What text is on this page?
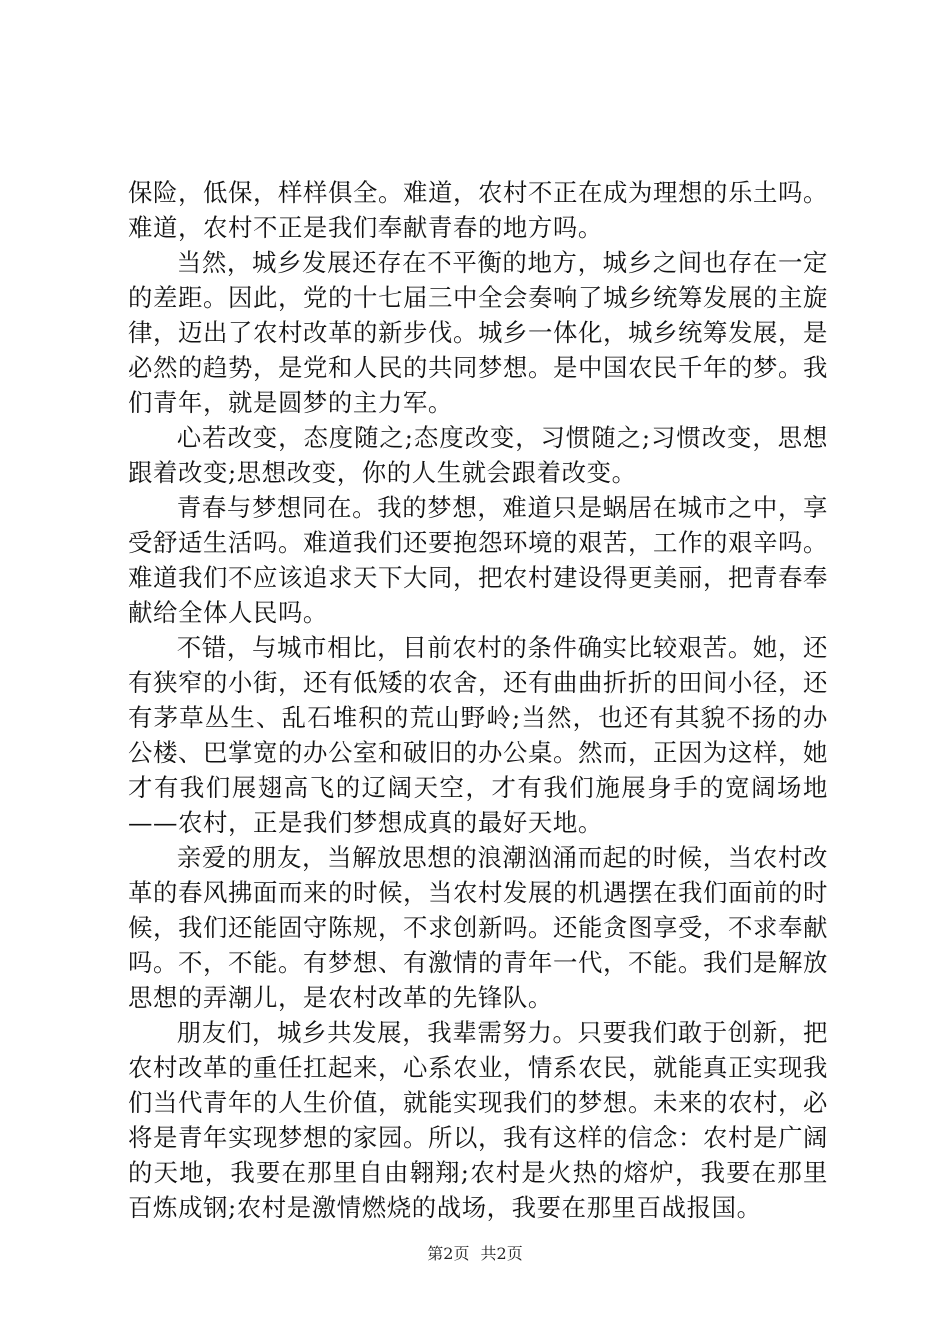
保险，低保，样样俱全。难道，农村不正在成为理想的乐土吗。难道，农村不正是我们奉献青春的地方吗。

当然，城乡发展还存在不平衡的地方，城乡之间也存在一定的差距。因此，党的十七届三中全会奏响了城乡统筹发展的主旋律，迈出了农村改革的新步伐。城乡一体化，城乡统筹发展，是必然的趋势，是党和人民的共同梦想。是中国农民千年的梦。我们青年，就是圆梦的主力军。

心若改变，态度随之;态度改变，习惯随之;习惯改变，思想跟着改变;思想改变，你的人生就会跟着改变。

青春与梦想同在。我的梦想，难道只是蜗居在城市之中，享受舒适生活吗。难道我们还要抱怨环境的艰苦，工作的艰辛吗。难道我们不应该追求天下大同，把农村建设得更美丽，把青春奉献给全体人民吗。

不错，与城市相比，目前农村的条件确实比较艰苦。她，还有狭窄的小街，还有低矮的农舍，还有曲曲折折的田间小径，还有茅草丛生、乱石堆积的荒山野岭;当然，也还有其貌不扬的办公楼、巴掌宽的办公室和破旧的办公桌。然而，正因为这样，她才有我们展翅高飞的辽阔天空，才有我们施展身手的宽阔场地——农村，正是我们梦想成真的最好天地。

亲爱的朋友，当解放思想的浪潮汹涌而起的时候，当农村改革的春风拂面而来的时候，当农村发展的机遇摆在我们面前的时候，我们还能固守陈规，不求创新吗。还能贪图享受，不求奉献吗。不，不能。有梦想、有激情的青年一代，不能。我们是解放思想的弄潮儿，是农村改革的先锋队。

朋友们，城乡共发展，我辈需努力。只要我们敢于创新，把农村改革的重任扛起来，心系农业，情系农民，就能真正实现我们当代青年的人生价值，就能实现我们的梦想。未来的农村，必将是青年实现梦想的家园。所以，我有这样的信念：农村是广阔的天地，我要在那里自由翱翔;农村是火热的熔炉，我要在那里百炼成钢;农村是激情燃烧的战场，我要在那里百战报国。

第2页 共2页
